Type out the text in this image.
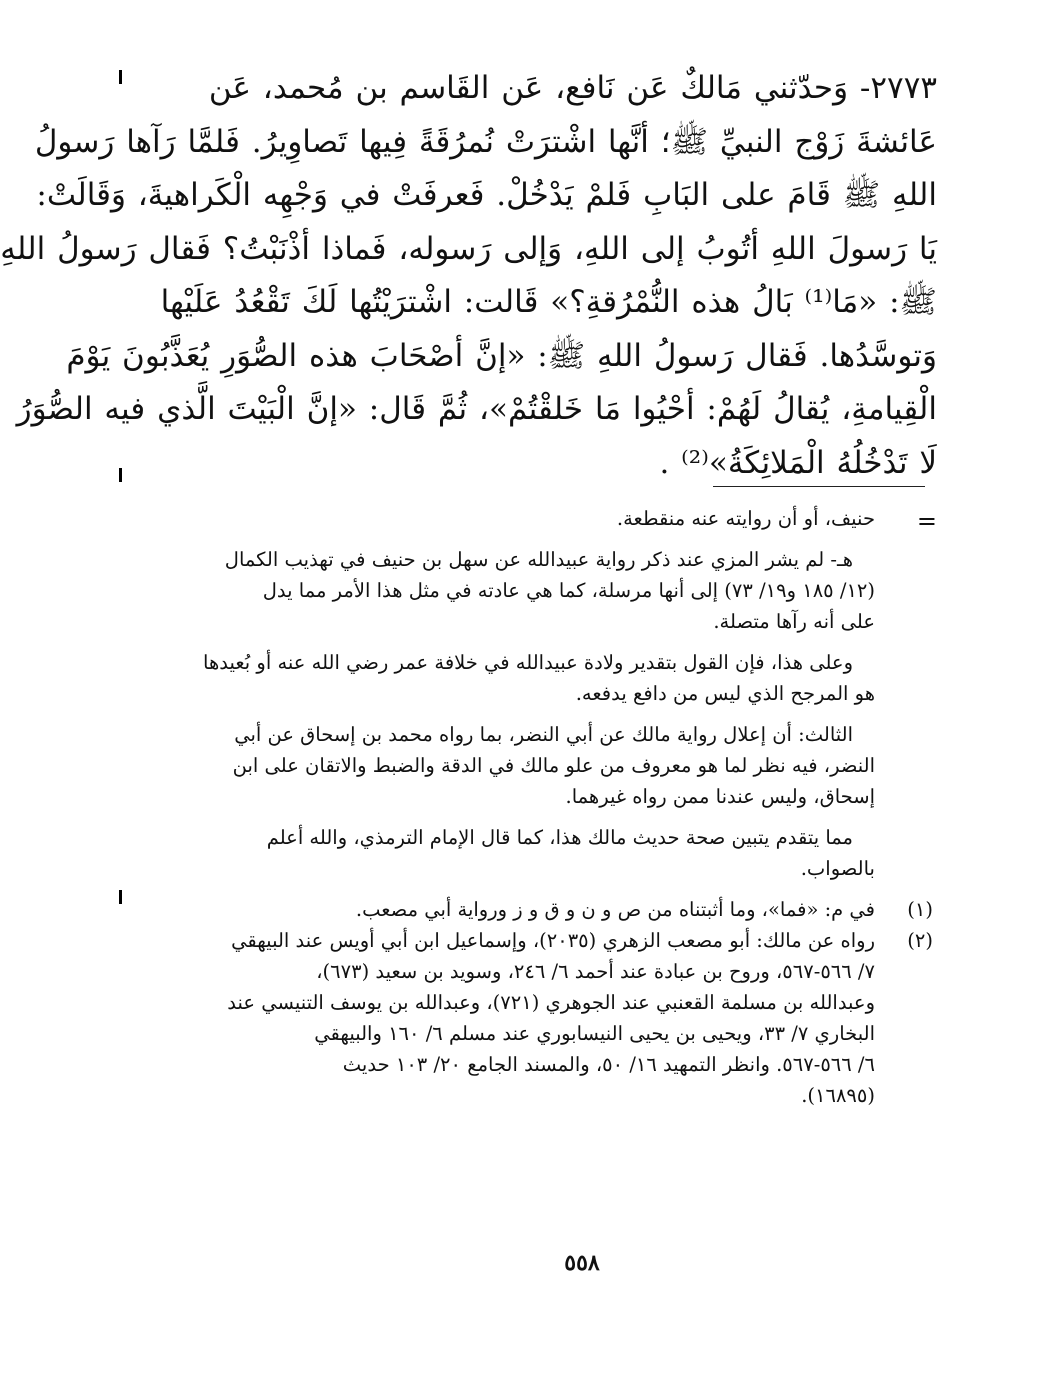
٢٧٧٣- وَحدّثني مَالكٌ عَن نَافع، عَن القَاسم بن مُحمد، عَن
عَائشةَ زَوْج النبيِّ ﷺ؛ أنَّها اشْترَتْ نُمرُقَةً فِيها تَصاوِيرُ. فَلمَّا رَآها رَسولُ
اللهِ ﷺ قَامَ على البَابِ فَلمْ يَدْخُلْ. فَعرفَتْ في وَجْهِه الْكَراهيةَ، وَقَالَتْ:
يَا رَسولَ اللهِ أتُوبُ إلى اللهِ، وَإلى رَسوله، فَماذا أذْنَبْتُ؟ فَقال رَسولُ اللهِ
ﷺ: «مَا⁽¹⁾ بَالُ هذه النُّمْرُقةِ؟» قَالت: اشْترَيْتُها لَكَ تَقْعُدُ عَلَيْها
وَتوسَّدُها. فَقال رَسولُ اللهِ ﷺ: «إنَّ أصْحَابَ هذه الصُّوَرِ يُعَذَّبُونَ يَوْمَ
الْقِيامةِ، يُقالُ لَهُمْ: أحْيُوا مَا خَلقْتُمْ»، ثُمَّ قَال: «إنَّ الْبَيْتَ الَّذي فيه الصُّوَرُ
لَا تَدْخُلُهُ الْمَلائِكَةُ»⁽²⁾ .
=
حنيف، أو أن روايته عنه منقطعة.
هـ- لم يشر المزي عند ذكر رواية عبيدالله عن سهل بن حنيف في تهذيب الكمال
(١٢/ ١٨٥ و١٩/ ٧٣) إلى أنها مرسلة، كما هي عادته في مثل هذا الأمر مما يدل
على أنه رآها متصلة.
وعلى هذا، فإن القول بتقدير ولادة عبيدالله في خلافة عمر رضي الله عنه أو بُعيدها
هو المرجح الذي ليس من دافع يدفعه.
الثالث: أن إعلال رواية مالك عن أبي النضر، بما رواه محمد بن إسحاق عن أبي
النضر، فيه نظر لما هو معروف من علو مالك في الدقة والضبط والاتقان على ابن
إسحاق، وليس عندنا ممن رواه غيرهما.
مما يتقدم يتبين صحة حديث مالك هذا، كما قال الإمام الترمذي، والله أعلم
بالصواب.
(١)
في م: «فما»، وما أثبتناه من ص و ن و ق و ز ورواية أبي مصعب.
(٢)
رواه عن مالك: أبو مصعب الزهري (٢٠٣٥)، وإسماعيل ابن أبي أويس عند البيهقي
٧/ ٥٦٦-٥٦٧، وروح بن عبادة عند أحمد ٦/ ٢٤٦، وسويد بن سعيد (٦٧٣)،
وعبدالله بن مسلمة القعنبي عند الجوهري (٧٢١)، وعبدالله بن يوسف التنيسي عند
البخاري ٧/ ٣٣، ويحيى بن يحيى النيسابوري عند مسلم ٦/ ١٦٠ والبيهقي
٦/ ٥٦٦-٥٦٧. وانظر التمهيد ١٦/ ٥٠، والمسند الجامع ٢٠/ ١٠٣ حديث
(١٦٨٩٥).
٥٥٨
